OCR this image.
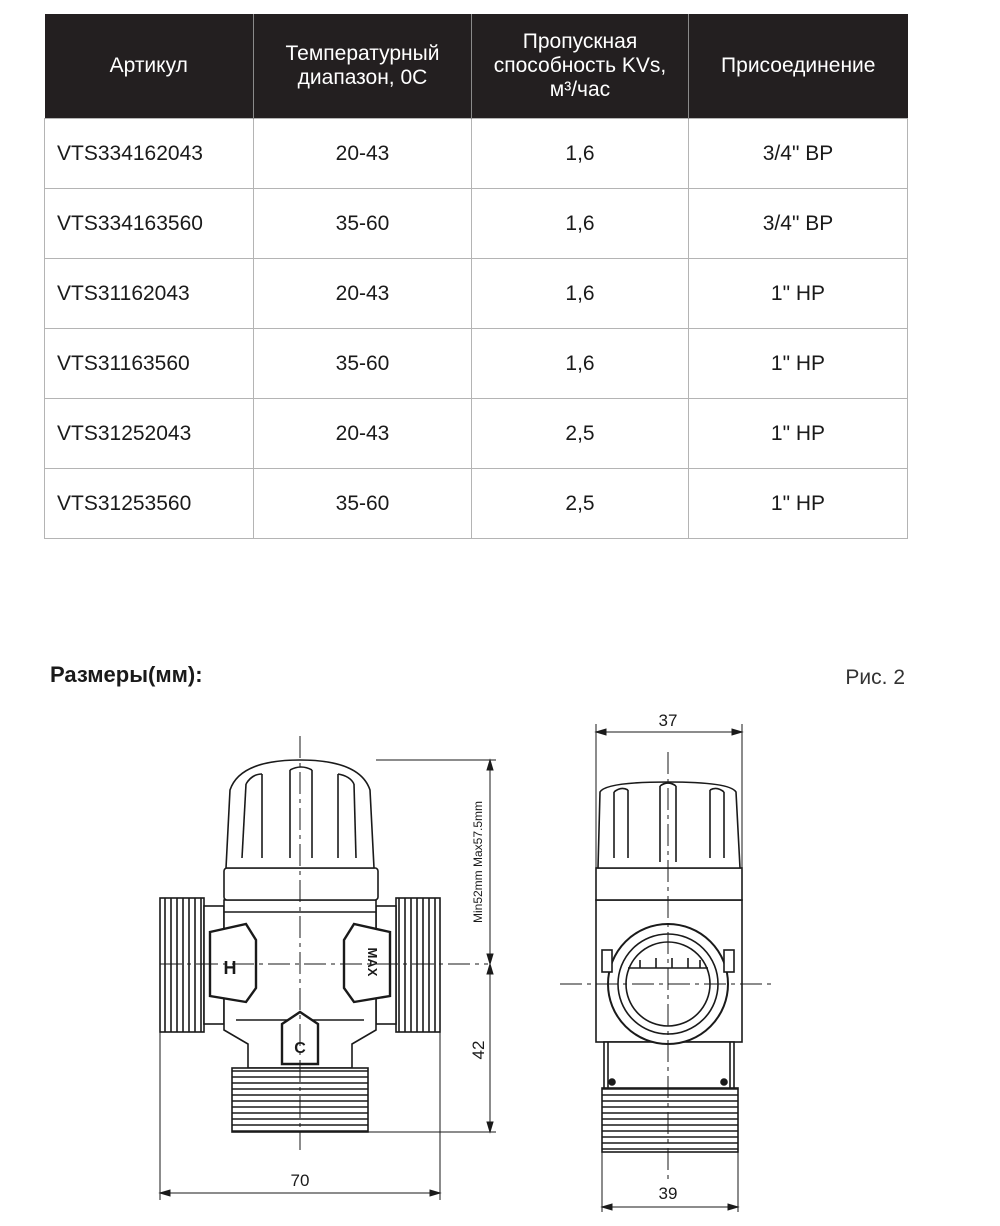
Артикул	Температурный диапазон, 0С	Пропускная способность KVs, м³/час	Присоединение
VTS334162043	20-43	1,6	3/4" ВР
VTS334163560	35-60	1,6	3/4" ВР
VTS31162043	20-43	1,6	1" НР
VTS31163560	35-60	1,6	1" НР
VTS31252043	20-43	2,5	1" НР
VTS31253560	35-60	2,5	1" НР
Размеры(мм):	Рис. 2
H	MAX
C
70
Min52mm Max57.5mm
42
37
39
